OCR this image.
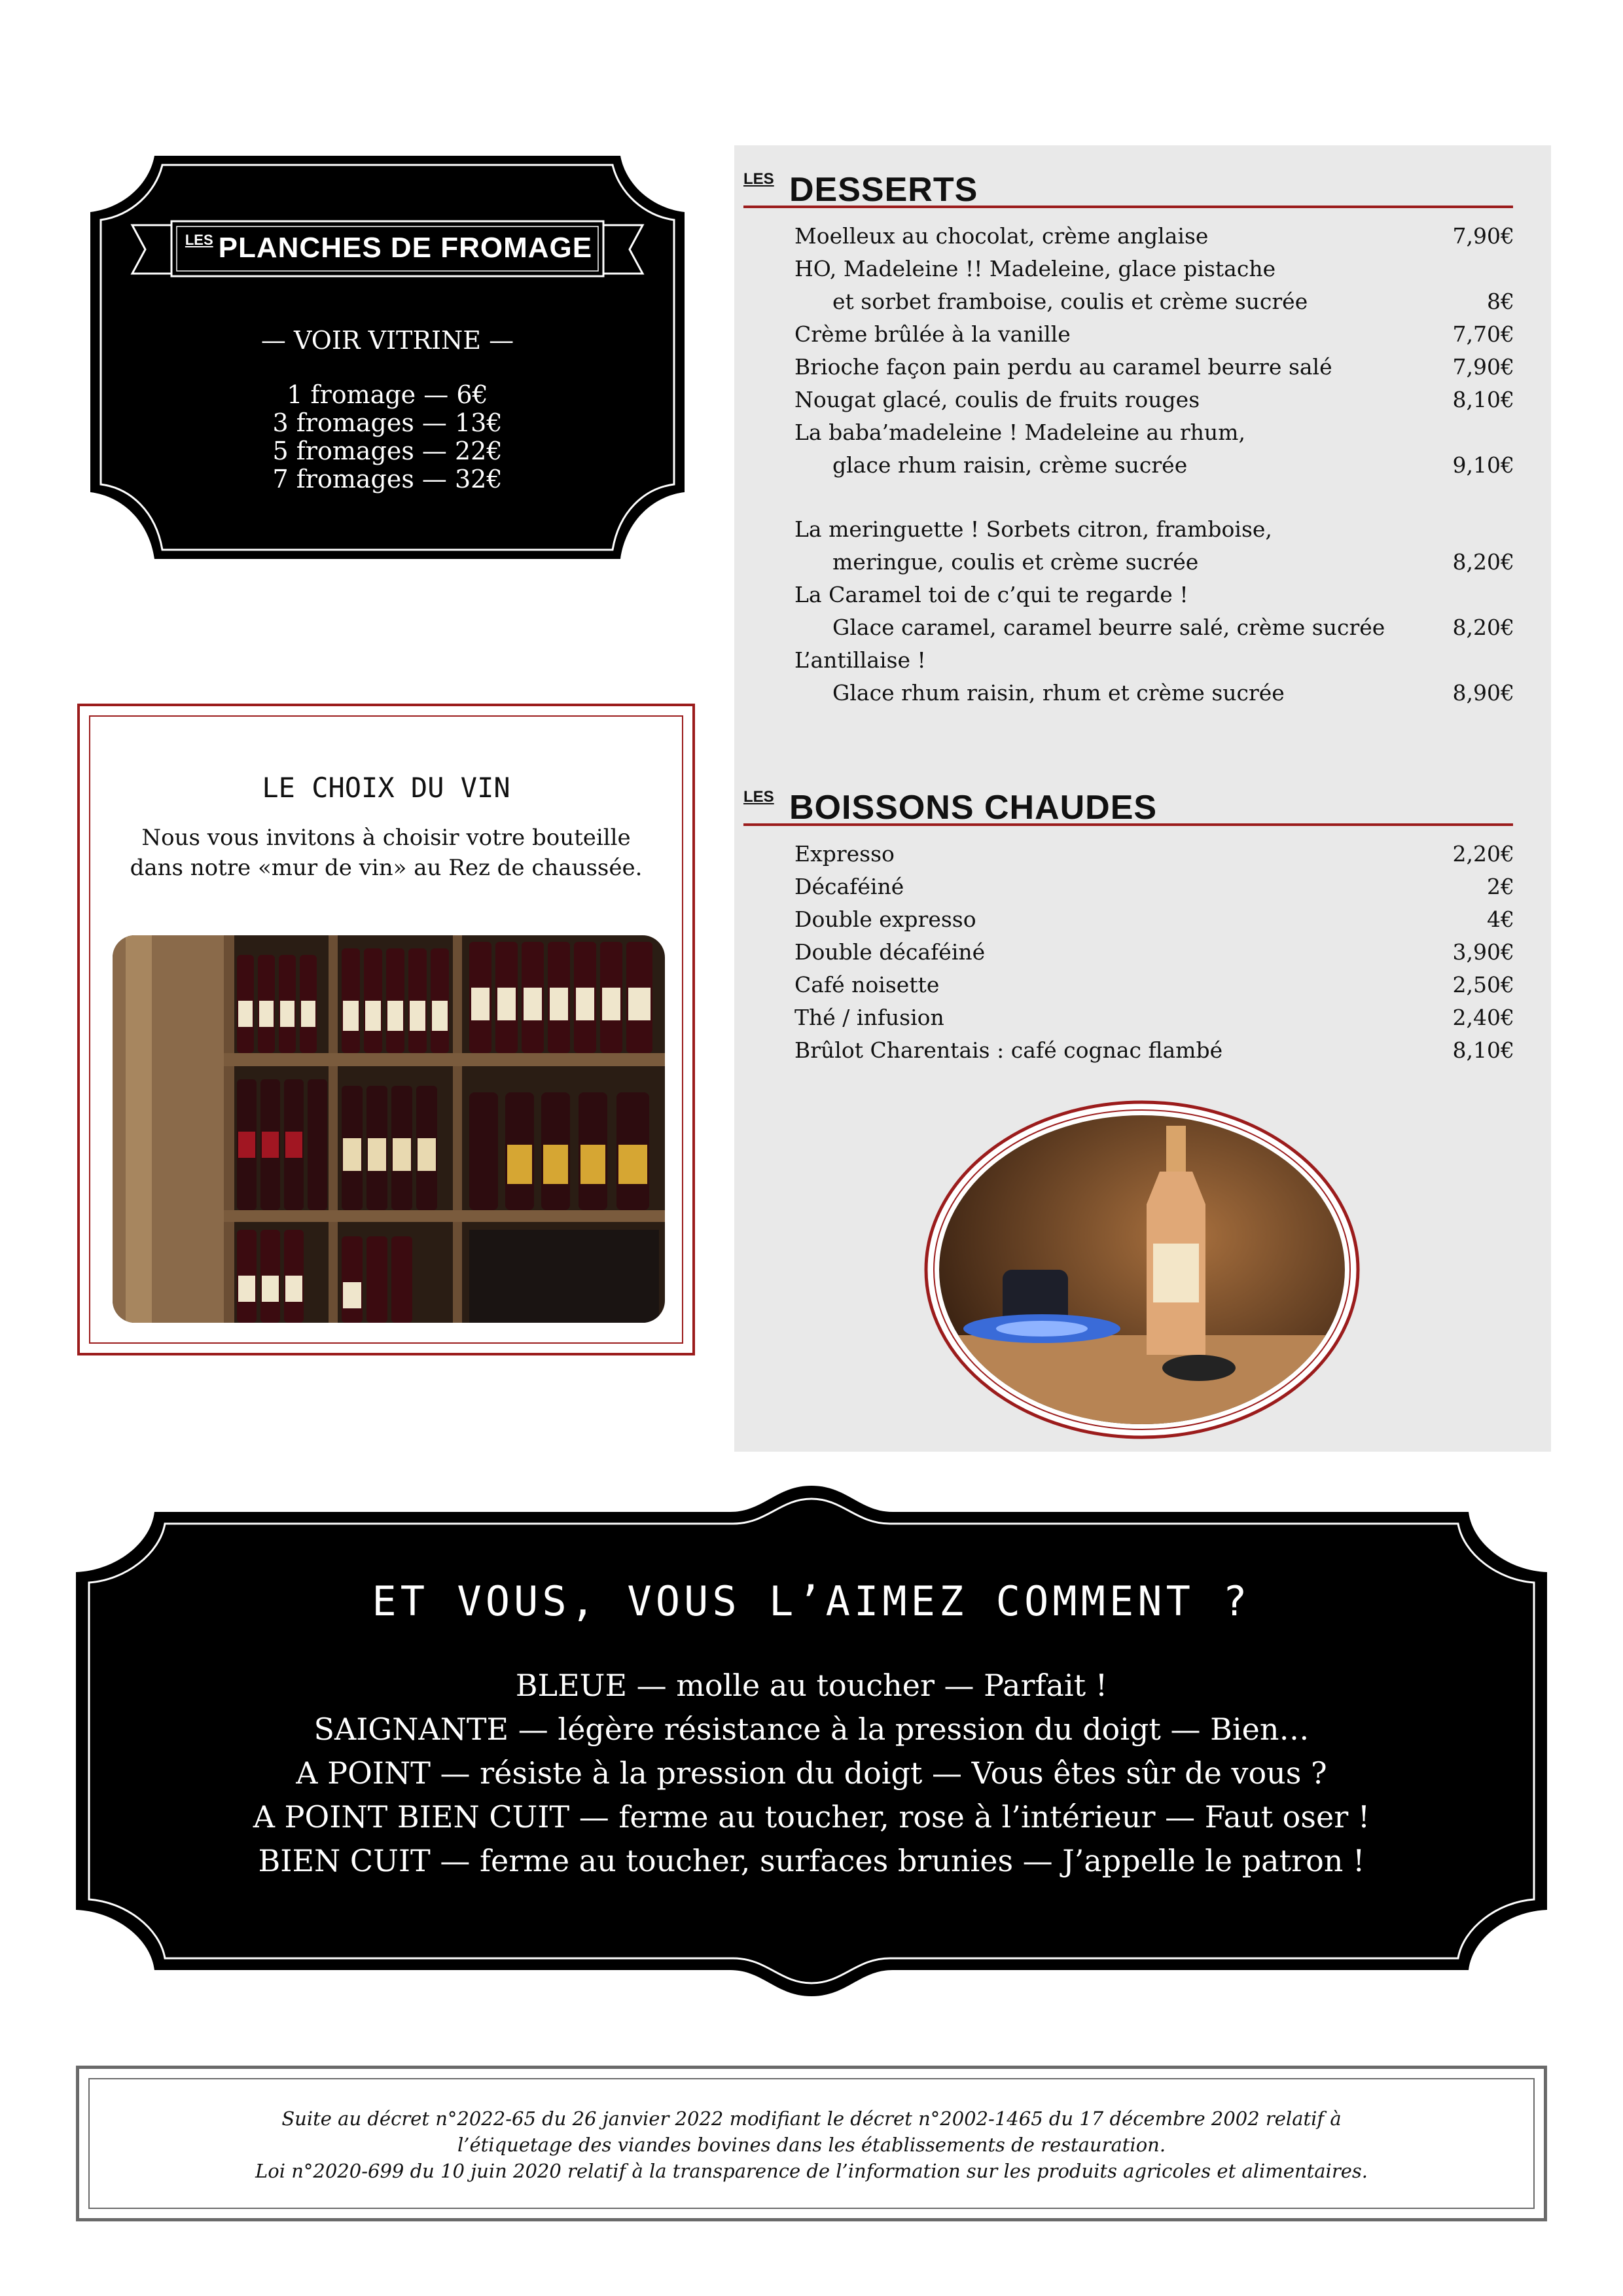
LES PLANCHES DE FROMAGE
— VOIR VITRINE —
1 fromage — 6€
3 fromages — 13€
5 fromages — 22€
7 fromages — 32€
LE CHOIX DU VIN
Nous vous invitons à choisir votre bouteille
dans notre «mur de vin» au Rez de chaussée.
LES DESSERTS
Moelleux au chocolat, crème anglaise	7,90€
HO, Madeleine !! Madeleine, glace pistache
et sorbet framboise, coulis et crème sucrée	8€
Crème brûlée à la vanille	7,70€
Brioche façon pain perdu au caramel beurre salé	7,90€
Nougat glacé, coulis de fruits rouges	8,10€
La baba’madeleine ! Madeleine au rhum,
glace rhum raisin, crème sucrée	9,10€
La meringuette ! Sorbets citron, framboise,
meringue, coulis et crème sucrée	8,20€
La Caramel toi de c’qui te regarde !
Glace caramel, caramel beurre salé, crème sucrée	8,20€
L’antillaise !
Glace rhum raisin, rhum et crème sucrée	8,90€
LES BOISSONS CHAUDES
Expresso	2,20€
Décaféiné	2€
Double expresso	4€
Double décaféiné	3,90€
Café noisette	2,50€
Thé / infusion	2,40€
Brûlot Charentais : café cognac flambé	8,10€
ET VOUS, VOUS L’AIMEZ COMMENT ?
BLEUE — molle au toucher — Parfait !
SAIGNANTE — légère résistance à la pression du doigt — Bien…
A POINT — résiste à la pression du doigt — Vous êtes sûr de vous ?
A POINT BIEN CUIT — ferme au toucher, rose à l’intérieur — Faut oser !
BIEN CUIT — ferme au toucher, surfaces brunies — J’appelle le patron !
Suite au décret n°2022-65 du 26 janvier 2022 modifiant le décret n°2002-1465 du 17 décembre 2002 relatif à
l’étiquetage des viandes bovines dans les établissements de restauration.
Loi n°2020-699 du 10 juin 2020 relatif à la transparence de l’information sur les produits agricoles et alimentaires.
